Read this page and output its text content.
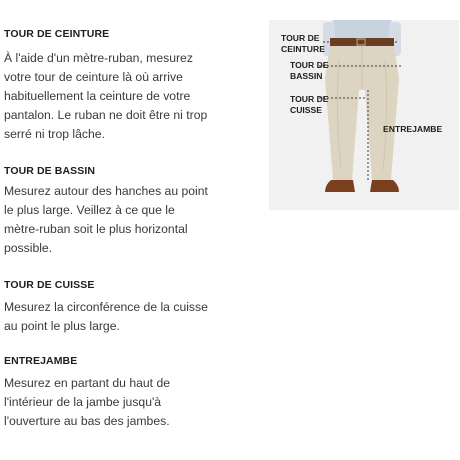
TOUR DE CEINTURE

À l'aide d'un mètre-ruban, mesurez
votre tour de ceinture là où arrive
habituellement la ceinture de votre
pantalon. Le ruban ne doit être ni trop
serré ni trop lâche.

TOUR DE BASSIN

Mesurez autour des hanches au point
le plus large. Veillez à ce que le
mètre-ruban soit le plus horizontal
possible.

TOUR DE CUISSE

Mesurez la circonférence de la cuisse
au point le plus large.

ENTREJAMBE

Mesurez en partant du haut de
l'intérieur de la jambe jusqu'à
l'ouverture au bas des jambes.

TOUR DE
CEINTURE
TOUR DE
BASSIN
TOUR DE
CUISSE
ENTREJAMBE
